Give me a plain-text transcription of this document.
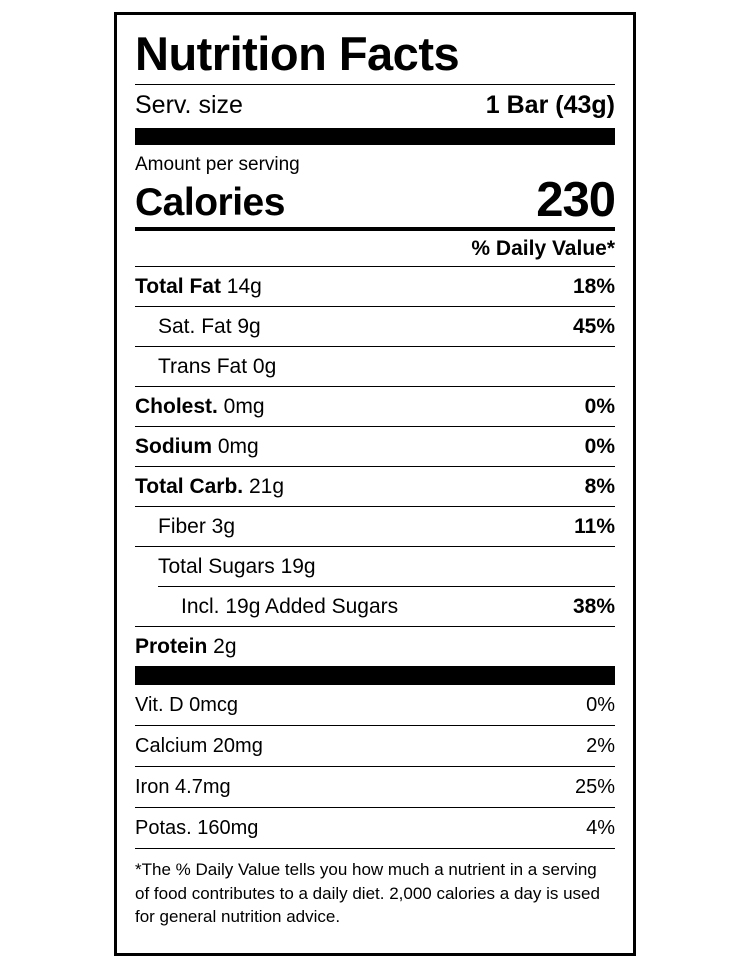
Nutrition Facts
Serv. size	1 Bar (43g)
Amount per serving
Calories	230
% Daily Value*
Total Fat 14g	18%
Sat. Fat 9g	45%
Trans Fat 0g
Cholest. 0mg	0%
Sodium 0mg	0%
Total Carb. 21g	8%
Fiber 3g	11%
Total Sugars 19g
Incl. 19g Added Sugars	38%
Protein 2g
Vit. D 0mcg	0%
Calcium 20mg	2%
Iron 4.7mg	25%
Potas. 160mg	4%
*The % Daily Value tells you how much a nutrient in a serving of food contributes to a daily diet. 2,000 calories a day is used for general nutrition advice.
